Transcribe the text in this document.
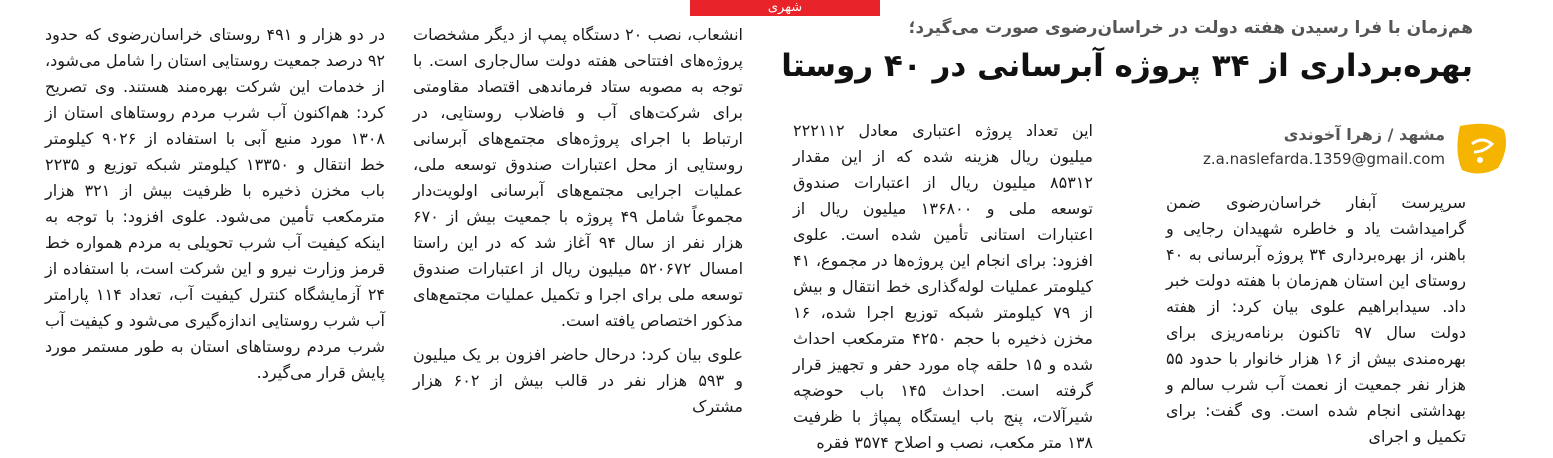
شهری
هم‌زمان با فرا رسیدن هفته دولت در خراسان‌رضوی صورت می‌گیرد؛
بهره‌برداری از ۳۴ پروژه آبرسانی در ۴۰ روستا
مشهد / زهرا آخوندی
z.a.naslefarda.1359@gmail.com

سرپرست آبفار خراسان‌رضوی ضمن گرامیداشت یاد و خاطره شهیدان رجایی و باهنر، از بهره‌برداری ۳۴ پروژه آبرسانی به ۴۰ روستای این استان هم‌زمان با هفته دولت خبر داد. سیدابراهیم علوی بیان کرد: از هفته دولت سال ۹۷ تاکنون برنامه‌ریزی برای بهره‌مندی بیش از ۱۶ هزار خانوار با حدود ۵۵ هزار نفر جمعیت از نعمت آب شرب سالم و بهداشتی انجام شده است. وی گفت: برای تکمیل و اجرای

این تعداد پروژه اعتباری معادل ۲۲۲۱۱۲ میلیون ریال هزینه شده که از این مقدار ۸۵۳۱۲ میلیون ریال از اعتبارات صندوق توسعه ملی و ۱۳۶۸۰۰ میلیون ریال از اعتبارات استانی تأمین شده است. علوی افزود: برای انجام این پروژه‌ها در مجموع، ۴۱ کیلومتر عملیات لوله‌گذاری خط انتقال و بیش از ۷۹ کیلومتر شبکه توزیع اجرا شده، ۱۶ مخزن ذخیره با حجم ۴۲۵۰ مترمکعب احداث شده و ۱۵ حلقه چاه مورد حفر و تجهیز قرار گرفته است. احداث ۱۴۵ باب حوضچه شیرآلات، پنج باب ایستگاه پمپاژ با ظرفیت ۱۳۸ متر مکعب، نصب و اصلاح ۳۵۷۴ فقره

انشعاب، نصب ۲۰ دستگاه پمپ از دیگر مشخصات پروژه‌های افتتاحی هفته دولت سال‌جاری است. با توجه به مصوبه ستاد فرماندهی اقتصاد مقاومتی برای شرکت‌های آب و فاضلاب روستایی، در ارتباط با اجرای پروژه‌های مجتمع‌های آبرسانی روستایی از محل اعتبارات صندوق توسعه ملی، عملیات اجرایی مجتمع‌های آبرسانی اولویت‌دار مجموعاً شامل ۴۹ پروژه با جمعیت بیش از ۶۷۰ هزار نفر از سال ۹۴ آغاز شد که در این راستا امسال ۵۲۰۶۷۲ میلیون ریال از اعتبارات صندوق توسعه ملی برای اجرا و تکمیل عملیات مجتمع‌های مذکور اختصاص یافته است.

علوی بیان کرد: درحال حاضر افزون بر یک میلیون و ۵۹۳ هزار نفر در قالب بیش از ۶۰۲ هزار مشترک

در دو هزار و ۴۹۱ روستای خراسان‌رضوی که حدود ۹۲ درصد جمعیت روستایی استان را شامل می‌شود، از خدمات این شرکت بهره‌مند هستند. وی تصریح کرد: هم‌اکنون آب شرب مردم روستاهای استان از ۱۳۰۸ مورد منبع آبی با استفاده از ۹۰۲۶ کیلومتر خط انتقال و ۱۳۳۵۰ کیلومتر شبکه توزیع و ۲۲۳۵ باب مخزن ذخیره با ظرفیت بیش از ۳۲۱ هزار مترمکعب تأمین می‌شود. علوی افزود: با توجه به اینکه کیفیت آب شرب تحویلی به مردم همواره خط قرمز وزارت نیرو و این شرکت است، با استفاده از ۲۴ آزمایشگاه کنترل کیفیت آب، تعداد ۱۱۴ پارامتر آب شرب روستایی اندازه‌گیری می‌شود و کیفیت آب شرب مردم روستاهای استان به طور مستمر مورد پایش قرار می‌گیرد.
